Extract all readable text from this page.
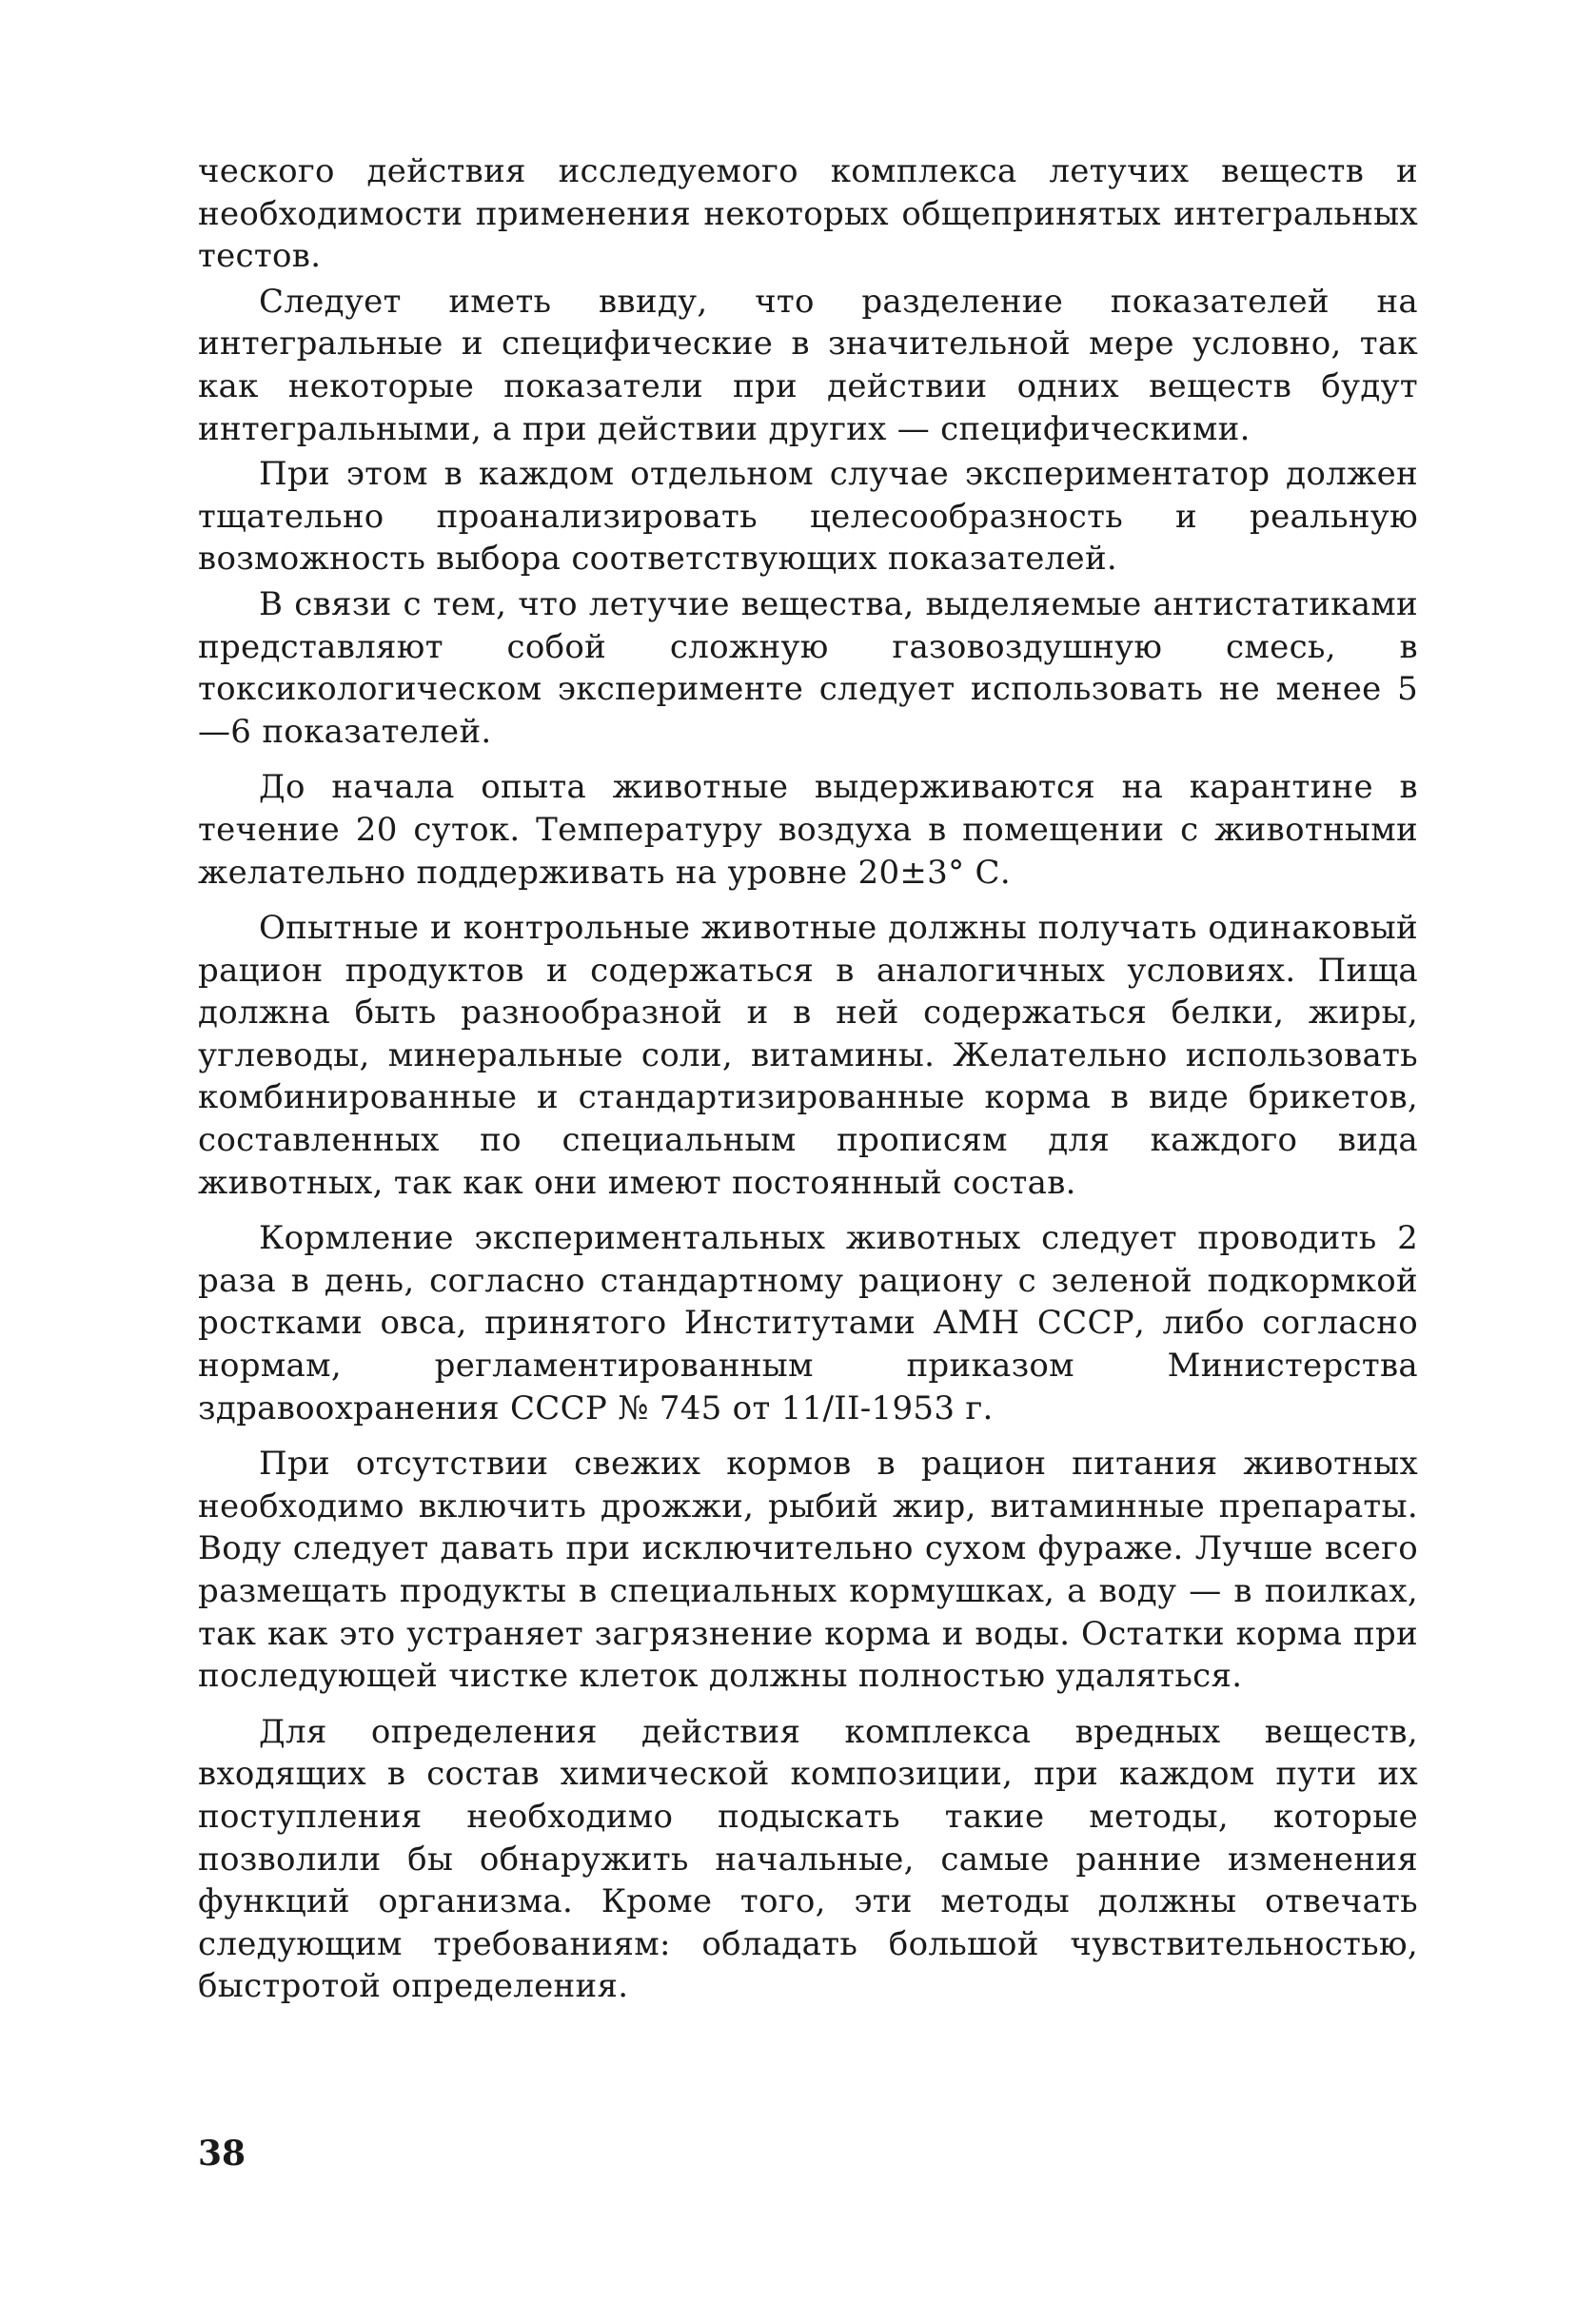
ческого действия исследуемого комплекса летучих веществ и необходимости применения некоторых общепринятых интегральных тестов.

Следует иметь ввиду, что разделение показателей на интегральные и специфические в значительной мере условно, так как некоторые показатели при действии одних веществ будут интегральными, а при действии других — специфическими.

При этом в каждом отдельном случае экспериментатор должен тщательно проанализировать целесообразность и реальную возможность выбора соответствующих показателей.

В связи с тем, что летучие вещества, выделяемые антистатиками представляют собой сложную газовоздушную смесь, в токсикологическом эксперименте следует использовать не менее 5—6 показателей.

До начала опыта животные выдерживаются на карантине в течение 20 суток. Температуру воздуха в помещении с животными желательно поддерживать на уровне 20±3° С.

Опытные и контрольные животные должны получать одинаковый рацион продуктов и содержаться в аналогичных условиях. Пища должна быть разнообразной и в ней содержаться белки, жиры, углеводы, минеральные соли, витамины. Желательно использовать комбинированные и стандартизированные корма в виде брикетов, составленных по специальным прописям для каждого вида животных, так как они имеют постоянный состав.

Кормление экспериментальных животных следует проводить 2 раза в день, согласно стандартному рациону с зеленой подкормкой ростками овса, принятого Институтами АМН СССР, либо согласно нормам, регламентированным приказом Министерства здравоохранения СССР № 745 от 11/II-1953 г.

При отсутствии свежих кормов в рацион питания животных необходимо включить дрожжи, рыбий жир, витаминные препараты. Воду следует давать при исключительно сухом фураже. Лучше всего размещать продукты в специальных кормушках, а воду — в поилках, так как это устраняет загрязнение корма и воды. Остатки корма при последующей чистке клеток должны полностью удаляться.

Для определения действия комплекса вредных веществ, входящих в состав химической композиции, при каждом пути их поступления необходимо подыскать такие методы, которые позволили бы обнаружить начальные, самые ранние изменения функций организма. Кроме того, эти методы должны отвечать следующим требованиям: обладать большой чувствительностью, быстротой определения.

38
